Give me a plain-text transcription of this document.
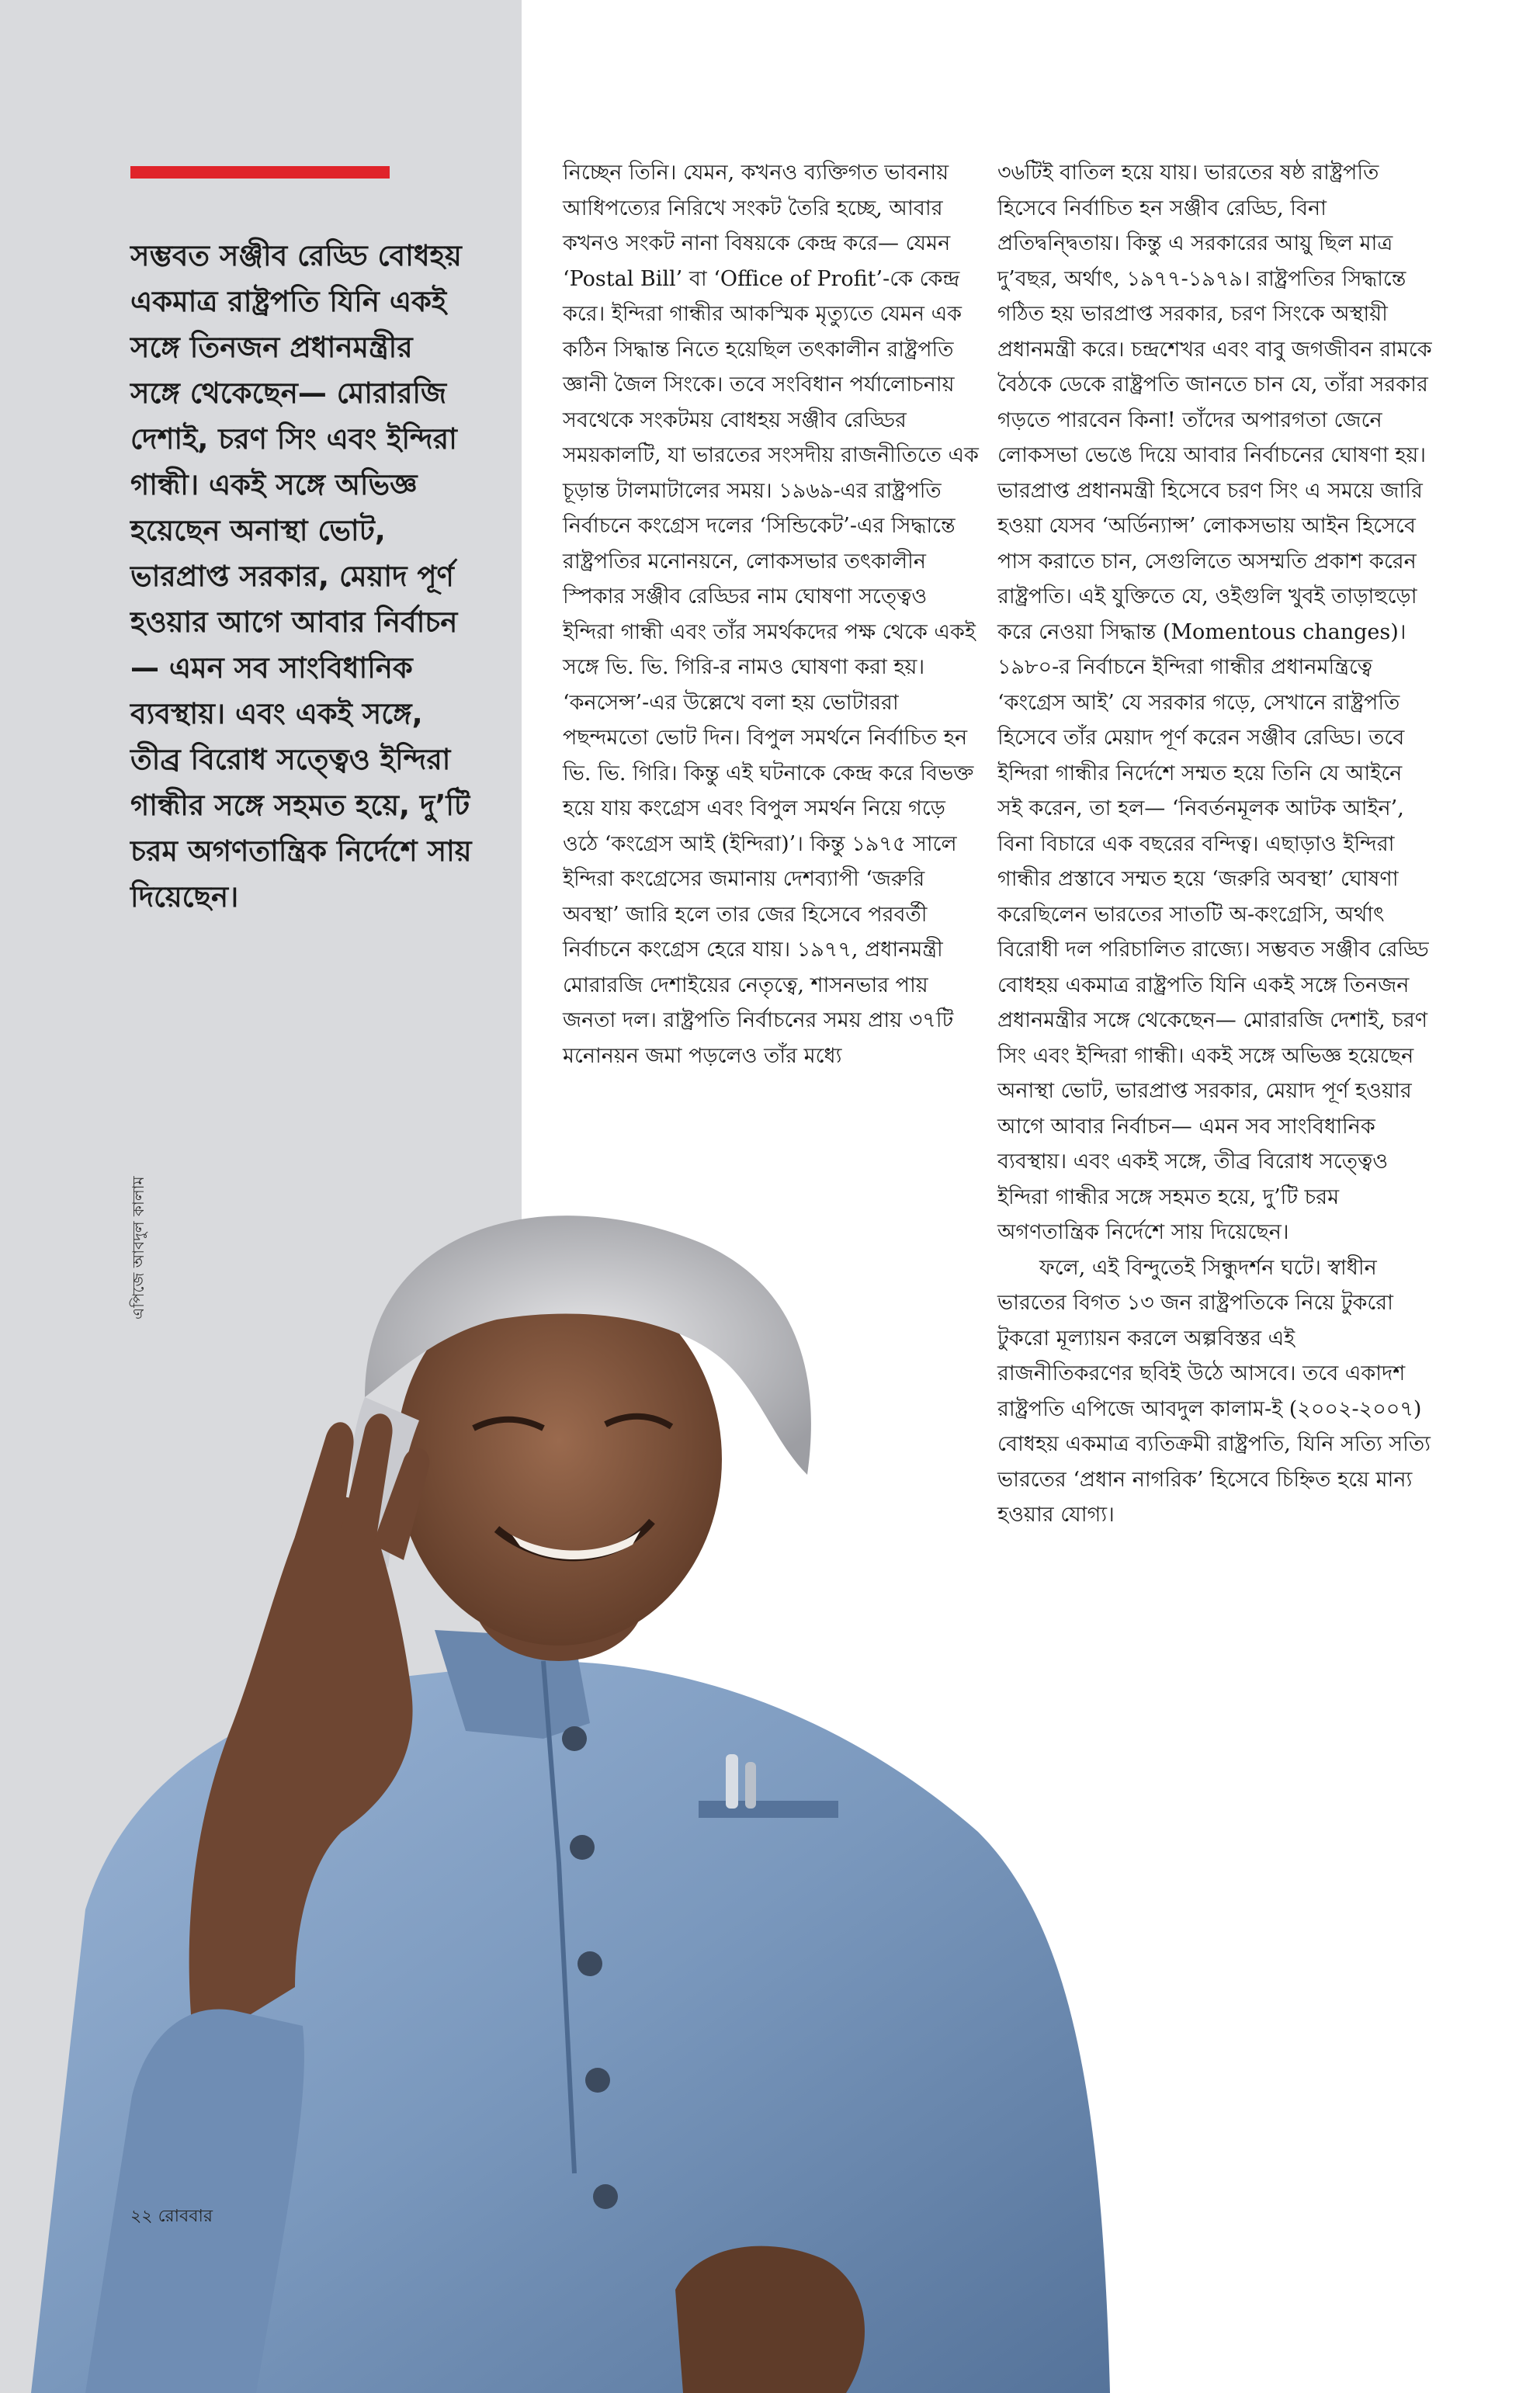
সম্ভবত সঞ্জীব রেড্ডি বোধহয় একমাত্র রাষ্ট্রপতি যিনি একই সঙ্গে তিনজন প্রধানমন্ত্রীর সঙ্গে থেকেছেন— মোরারজি দেশাই, চরণ সিং এবং ইন্দিরা গান্ধী। একই সঙ্গে অভিজ্ঞ হয়েছেন অনাস্থা ভোট, ভারপ্রাপ্ত সরকার, মেয়াদ পূর্ণ হওয়ার আগে আবার নির্বাচন— এমন সব সাংবিধানিক ব্যবস্থায়। এবং একই সঙ্গে, তীব্র বিরোধ সত্ত্বেও ইন্দিরা গান্ধীর সঙ্গে সহমত হয়ে, দু’টি চরম অগণতান্ত্রিক নির্দেশে সায় দিয়েছেন।

এপিজে আবদুল কালাম
২২ রোববার

নিচ্ছেন তিনি। যেমন, কখনও ব্যক্তিগত ভাবনায় আধিপত্যের নিরিখে সংকট তৈরি হচ্ছে, আবার কখনও সংকট নানা বিষয়কে কেন্দ্র করে— যেমন ‘Postal Bill’ বা ‘Office of Profit’-কে কেন্দ্র করে। ইন্দিরা গান্ধীর আকস্মিক মৃত্যুতে যেমন এক কঠিন সিদ্ধান্ত নিতে হয়েছিল তৎকালীন রাষ্ট্রপতি জ্ঞানী জৈল সিংকে। তবে সংবিধান পর্যালোচনায় সবথেকে সংকটময় বোধহয় সঞ্জীব রেড্ডির সময়কালটি, যা ভারতের সংসদীয় রাজনীতিতে এক চূড়ান্ত টালমাটালের সময়। ১৯৬৯-এর রাষ্ট্রপতি নির্বাচনে কংগ্রেস দলের ‘সিন্ডিকেট’-এর সিদ্ধান্তে রাষ্ট্রপতির মনোনয়নে, লোকসভার তৎকালীন স্পিকার সঞ্জীব রেড্ডির নাম ঘোষণা সত্ত্বেও ইন্দিরা গান্ধী এবং তাঁর সমর্থকদের পক্ষ থেকে একই সঙ্গে ভি. ভি. গিরি-র নামও ঘোষণা করা হয়। ‘কনসেন্স’-এর উল্লেখে বলা হয় ভোটাররা পছন্দমতো ভোট দিন। বিপুল সমর্থনে নির্বাচিত হন ভি. ভি. গিরি। কিন্তু এই ঘটনাকে কেন্দ্র করে বিভক্ত হয়ে যায় কংগ্রেস এবং বিপুল সমর্থন নিয়ে গড়ে ওঠে ‘কংগ্রেস আই (ইন্দিরা)’। কিন্তু ১৯৭৫ সালে ইন্দিরা কংগ্রেসের জমানায় দেশব্যাপী ‘জরুরি অবস্থা’ জারি হলে তার জের হিসেবে পরবর্তী নির্বাচনে কংগ্রেস হেরে যায়। ১৯৭৭, প্রধানমন্ত্রী মোরারজি দেশাইয়ের নেতৃত্বে, শাসনভার পায় জনতা দল। রাষ্ট্রপতি নির্বাচনের সময় প্রায় ৩৭টি মনোনয়ন জমা পড়লেও তাঁর মধ্যে

৩৬টিই বাতিল হয়ে যায়। ভারতের ষষ্ঠ রাষ্ট্রপতি হিসেবে নির্বাচিত হন সঞ্জীব রেড্ডি, বিনা প্রতিদ্বন্দ্বিতায়। কিন্তু এ সরকারের আয়ু ছিল মাত্র দু’বছর, অর্থাৎ, ১৯৭৭-১৯৭৯। রাষ্ট্রপতির সিদ্ধান্তে গঠিত হয় ভারপ্রাপ্ত সরকার, চরণ সিংকে অস্থায়ী প্রধানমন্ত্রী করে। চন্দ্রশেখর এবং বাবু জগজীবন রামকে বৈঠকে ডেকে রাষ্ট্রপতি জানতে চান যে, তাঁরা সরকার গড়তে পারবেন কিনা! তাঁদের অপারগতা জেনে লোকসভা ভেঙে দিয়ে আবার নির্বাচনের ঘোষণা হয়। ভারপ্রাপ্ত প্রধানমন্ত্রী হিসেবে চরণ সিং এ সময়ে জারি হওয়া যেসব ‘অর্ডিন্যান্স’ লোকসভায় আইন হিসেবে পাস করাতে চান, সেগুলিতে অসম্মতি প্রকাশ করেন রাষ্ট্রপতি। এই যুক্তিতে যে, ওইগুলি খুবই তাড়াহুড়ো করে নেওয়া সিদ্ধান্ত (Momentous changes)। ১৯৮০-র নির্বাচনে ইন্দিরা গান্ধীর প্রধানমন্ত্রিত্বে ‘কংগ্রেস আই’ যে সরকার গড়ে, সেখানে রাষ্ট্রপতি হিসেবে তাঁর মেয়াদ পূর্ণ করেন সঞ্জীব রেড্ডি। তবে ইন্দিরা গান্ধীর নির্দেশে সম্মত হয়ে তিনি যে আইনে সই করেন, তা হল— ‘নিবর্তনমূলক আটক আইন’, বিনা বিচারে এক বছরের বন্দিত্ব। এছাড়াও ইন্দিরা গান্ধীর প্রস্তাবে সম্মত হয়ে ‘জরুরি অবস্থা’ ঘোষণা করেছিলেন ভারতের সাতটি অ-কংগ্রেসি, অর্থাৎ বিরোধী দল পরিচালিত রাজ্যে। সম্ভবত সঞ্জীব রেড্ডি বোধহয় একমাত্র রাষ্ট্রপতি যিনি একই সঙ্গে তিনজন প্রধানমন্ত্রীর সঙ্গে থেকেছেন— মোরারজি দেশাই, চরণ সিং এবং ইন্দিরা গান্ধী। একই সঙ্গে অভিজ্ঞ হয়েছেন অনাস্থা ভোট, ভারপ্রাপ্ত সরকার, মেয়াদ পূর্ণ হওয়ার আগে আবার নির্বাচন— এমন সব সাংবিধানিক ব্যবস্থায়। এবং একই সঙ্গে, তীব্র বিরোধ সত্ত্বেও ইন্দিরা গান্ধীর সঙ্গে সহমত হয়ে, দু’টি চরম অগণতান্ত্রিক নির্দেশে সায় দিয়েছেন।

ফলে, এই বিন্দুতেই সিন্ধুদর্শন ঘটে। স্বাধীন ভারতের বিগত ১৩ জন রাষ্ট্রপতিকে নিয়ে টুকরো টুকরো মূল্যায়ন করলে অল্পবিস্তর এই রাজনীতিকরণের ছবিই উঠে আসবে। তবে একাদশ রাষ্ট্রপতি এপিজে আবদুল কালাম-ই (২০০২-২০০৭) বোধহয় একমাত্র ব্যতিক্রমী রাষ্ট্রপতি, যিনি সত্যি সত্যি ভারতের ‘প্রধান নাগরিক’ হিসেবে চিহ্নিত হয়ে মান্য হওয়ার যোগ্য।
